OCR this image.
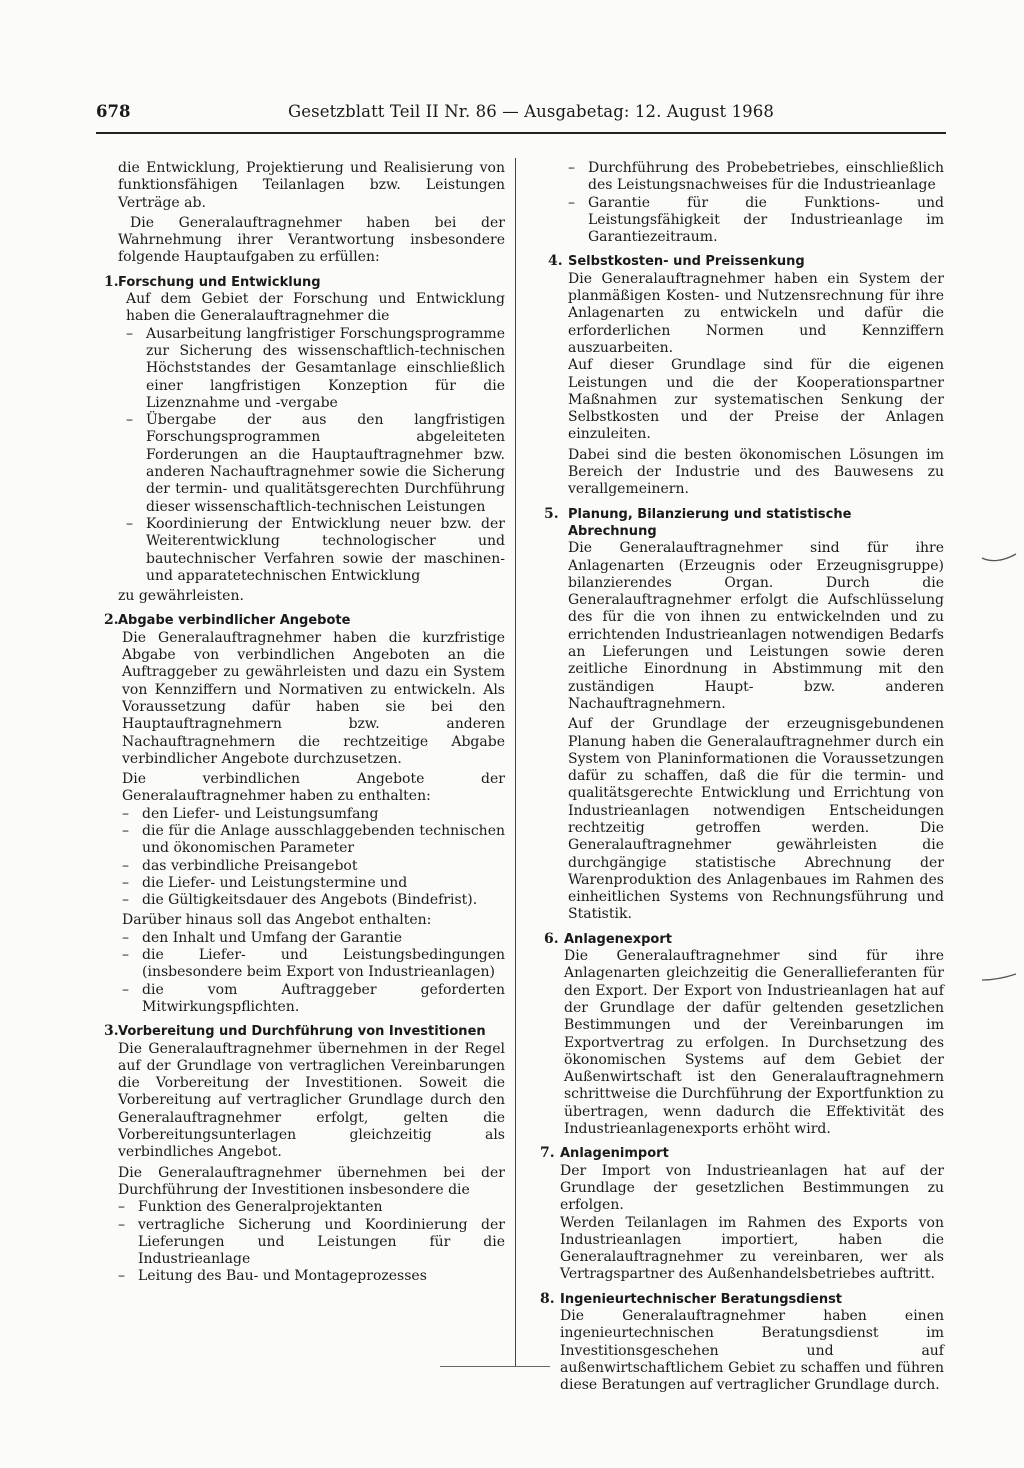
678	Gesetzblatt Teil II Nr. 86 — Ausgabetag: 12. August 1968

die Entwicklung, Projektierung und Realisierung von funktionsfähigen Teilanlagen bzw. Leistungen Verträge ab.

Die Generalauftragnehmer haben bei der Wahrnehmung ihrer Verantwortung insbesondere folgende Hauptaufgaben zu erfüllen:

1. Forschung und Entwicklung

Auf dem Gebiet der Forschung und Entwicklung haben die Generalauftragnehmer die

– Ausarbeitung langfristiger Forschungsprogramme zur Sicherung des wissenschaftlich-technischen Höchststandes der Gesamtanlage einschließlich einer langfristigen Konzeption für die Lizenznahme und -vergabe
– Übergabe der aus den langfristigen Forschungsprogrammen abgeleiteten Forderungen an die Hauptauftragnehmer bzw. anderen Nachauftragnehmer sowie die Sicherung der termin- und qualitätsgerechten Durchführung dieser wissenschaftlich-technischen Leistungen
– Koordinierung der Entwicklung neuer bzw. der Weiterentwicklung technologischer und bautechnischer Verfahren sowie der maschinen- und apparatetechnischen Entwicklung

zu gewährleisten.

2. Abgabe verbindlicher Angebote

Die Generalauftragnehmer haben die kurzfristige Abgabe von verbindlichen Angeboten an die Auftraggeber zu gewährleisten und dazu ein System von Kennziffern und Normativen zu entwickeln. Als Voraussetzung dafür haben sie bei den Hauptauftragnehmern bzw. anderen Nachauftragnehmern die rechtzeitige Abgabe verbindlicher Angebote durchzusetzen.

Die verbindlichen Angebote der Generalauftragnehmer haben zu enthalten:

– den Liefer- und Leistungsumfang
– die für die Anlage ausschlaggebenden technischen und ökonomischen Parameter
– das verbindliche Preisangebot
– die Liefer- und Leistungstermine und
– die Gültigkeitsdauer des Angebots (Bindefrist).

Darüber hinaus soll das Angebot enthalten:

– den Inhalt und Umfang der Garantie
– die Liefer- und Leistungsbedingungen (insbesondere beim Export von Industrieanlagen)
– die vom Auftraggeber geforderten Mitwirkungspflichten.
3. Vorbereitung und Durchführung von Investitionen

Die Generalauftragnehmer übernehmen in der Regel auf der Grundlage von vertraglichen Vereinbarungen die Vorbereitung der Investitionen. Soweit die Vorbereitung auf vertraglicher Grundlage durch den Generalauftragnehmer erfolgt, gelten die Vorbereitungsunterlagen gleichzeitig als verbindliches Angebot.

Die Generalauftragnehmer übernehmen bei der Durchführung der Investitionen insbesondere die

– Funktion des Generalprojektanten
– vertragliche Sicherung und Koordinierung der Lieferungen und Leistungen für die Industrieanlage
– Leitung des Bau- und Montageprozesses
– Durchführung des Probebetriebes, einschließlich des Leistungsnachweises für die Industrieanlage
– Garantie für die Funktions- und Leistungsfähigkeit der Industrieanlage im Garantiezeitraum.
4. Selbstkosten- und Preissenkung

Die Generalauftragnehmer haben ein System der planmäßigen Kosten- und Nutzensrechnung für ihre Anlagenarten zu entwickeln und dafür die erforderlichen Normen und Kennziffern auszuarbeiten.

Auf dieser Grundlage sind für die eigenen Leistungen und die der Kooperationspartner Maßnahmen zur systematischen Senkung der Selbstkosten und der Preise der Anlagen einzuleiten.

Dabei sind die besten ökonomischen Lösungen im Bereich der Industrie und des Bauwesens zu verallgemeinern.

5. Planung, Bilanzierung und statistische Abrechnung

Die Generalauftragnehmer sind für ihre Anlagenarten (Erzeugnis oder Erzeugnisgruppe) bilanzierendes Organ. Durch die Generalauftragnehmer erfolgt die Aufschlüsselung des für die von ihnen zu entwickelnden und zu errichtenden Industrieanlagen notwendigen Bedarfs an Lieferungen und Leistungen sowie deren zeitliche Einordnung in Abstimmung mit den zuständigen Haupt- bzw. anderen Nachauftragnehmern.

Auf der Grundlage der erzeugnisgebundenen Planung haben die Generalauftragnehmer durch ein System von Planinformationen die Voraussetzungen dafür zu schaffen, daß die für die termin- und qualitätsgerechte Entwicklung und Errichtung von Industrieanlagen notwendigen Entscheidungen rechtzeitig getroffen werden. Die Generalauftragnehmer gewährleisten die durchgängige statistische Abrechnung der Warenproduktion des Anlagenbaues im Rahmen des einheitlichen Systems von Rechnungsführung und Statistik.

6. Anlagenexport

Die Generalauftragnehmer sind für ihre Anlagenarten gleichzeitig die Generallieferanten für den Export. Der Export von Industrieanlagen hat auf der Grundlage der dafür geltenden gesetzlichen Bestimmungen und der Vereinbarungen im Exportvertrag zu erfolgen. In Durchsetzung des ökonomischen Systems auf dem Gebiet der Außenwirtschaft ist den Generalauftragnehmern schrittweise die Durchführung der Exportfunktion zu übertragen, wenn dadurch die Effektivität des Industrieanlagenexports erhöht wird.

7. Anlagenimport

Der Import von Industrieanlagen hat auf der Grundlage der gesetzlichen Bestimmungen zu erfolgen.

Werden Teilanlagen im Rahmen des Exports von Industrieanlagen importiert, haben die Generalauftragnehmer zu vereinbaren, wer als Vertragspartner des Außenhandelsbetriebes auftritt.

8. Ingenieurtechnischer Beratungsdienst

Die Generalauftragnehmer haben einen ingenieurtechnischen Beratungsdienst im Investitionsgeschehen und auf außenwirtschaftlichem Gebiet zu schaffen und führen diese Beratungen auf vertraglicher Grundlage durch.
